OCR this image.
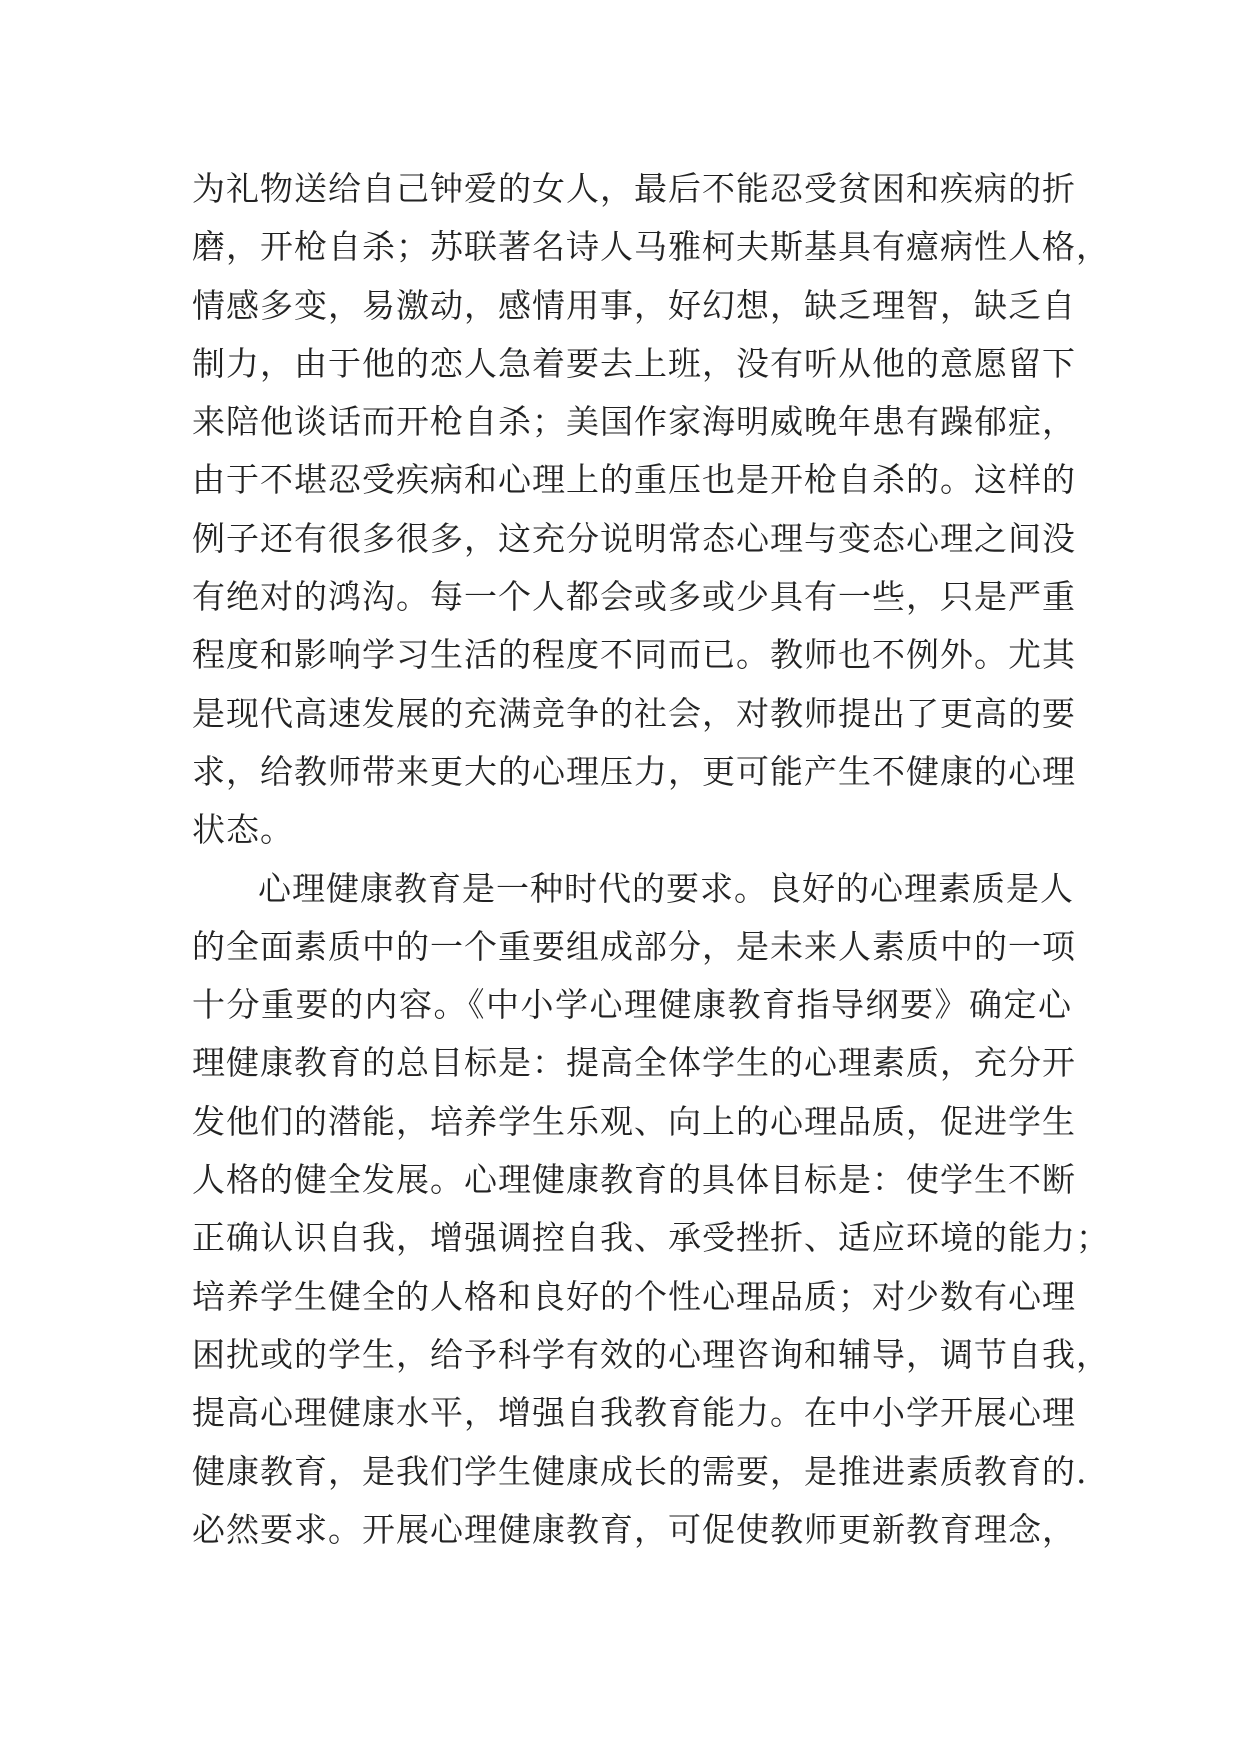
为礼物送给自己钟爱的女人，最后不能忍受贫困和疾病的折
磨，开枪自杀；苏联著名诗人马雅柯夫斯基具有癔病性人格，
情感多变，易激动，感情用事，好幻想，缺乏理智，缺乏自
制力，由于他的恋人急着要去上班，没有听从他的意愿留下
来陪他谈话而开枪自杀；美国作家海明威晚年患有躁郁症，
由于不堪忍受疾病和心理上的重压也是开枪自杀的。这样的
例子还有很多很多，这充分说明常态心理与变态心理之间没
有绝对的鸿沟。每一个人都会或多或少具有一些，只是严重
程度和影响学习生活的程度不同而已。教师也不例外。尤其
是现代高速发展的充满竞争的社会，对教师提出了更高的要
求，给教师带来更大的心理压力，更可能产生不健康的心理
状态。
心理健康教育是一种时代的要求。良好的心理素质是人
的全面素质中的一个重要组成部分，是未来人素质中的一项
十分重要的内容。《中小学心理健康教育指导纲要》确定心
理健康教育的总目标是：提高全体学生的心理素质，充分开
发他们的潜能，培养学生乐观、向上的心理品质，促进学生
人格的健全发展。心理健康教育的具体目标是：使学生不断
正确认识自我，增强调控自我、承受挫折、适应环境的能力；
培养学生健全的人格和良好的个性心理品质；对少数有心理
困扰或的学生，给予科学有效的心理咨询和辅导，调节自我，
提高心理健康水平，增强自我教育能力。在中小学开展心理
健康教育，是我们学生健康成长的需要，是推进素质教育的.
必然要求。开展心理健康教育，可促使教师更新教育理念，
